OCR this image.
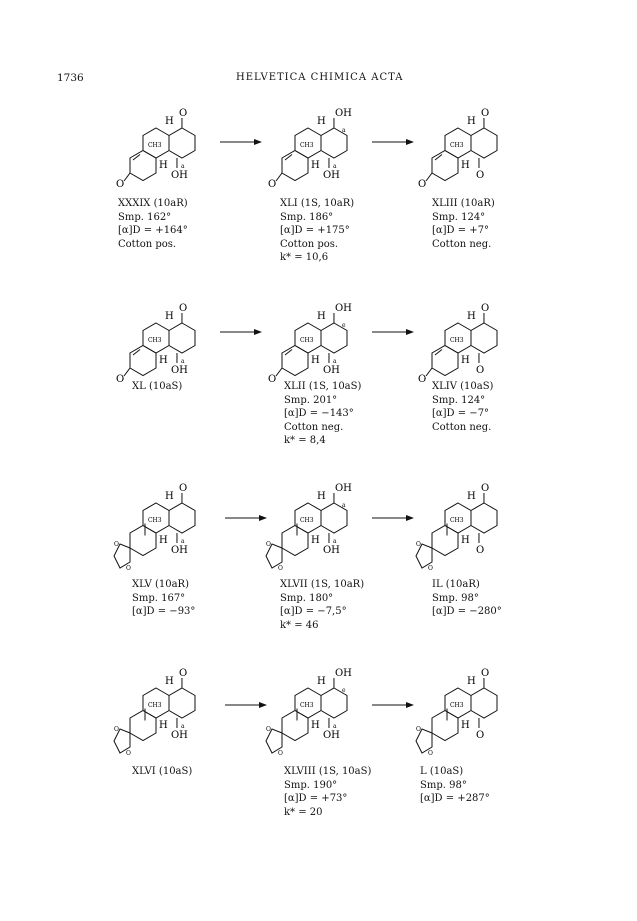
1736	HELVETICA CHIMICA ACTA
O
CH3
H
H
O
OH
a
O
CH3
H
H
OH
a
OH
a
O
CH3
H
H
O
O
O
CH3
H
H
O
OH
a
O
CH3
H
H
OH
e
OH
a
O
CH3
H
H
O
O
O
O
CH3
H
H
O
OH
a	O
O
CH3
H
H
OH
a
OH
a	O
O
CH3
H
H
O
O
O
O
CH3
H
H
O
OH
a	O
O
CH3
H
H
OH
e
OH
a	O
O
CH3
H
H
O
O
XXXIX (10aR)
Smp. 162°
[α]D = +164°
Cotton pos.
XLI (1S, 10aR)
Smp. 186°
[α]D = +175°
Cotton pos.
k* = 10,6
XLIII (10aR)
Smp. 124°
[α]D = +7°
Cotton neg.
XL (10aS)	XLII (1S, 10aS)
Smp. 201°
[α]D = −143°
Cotton neg.
k* = 8,4
XLIV (10aS)
Smp. 124°
[α]D = −7°
Cotton neg.
XLV (10aR)
Smp. 167°
[α]D = −93°
XLVII (1S, 10aR)
Smp. 180°
[α]D = −7,5°
k* = 46
IL (10aR)
Smp. 98°
[α]D = −280°
XLVI (10aS)	XLVIII (1S, 10aS)
Smp. 190°
[α]D = +73°
k* = 20
L (10aS)
Smp. 98°
[α]D = +287°
